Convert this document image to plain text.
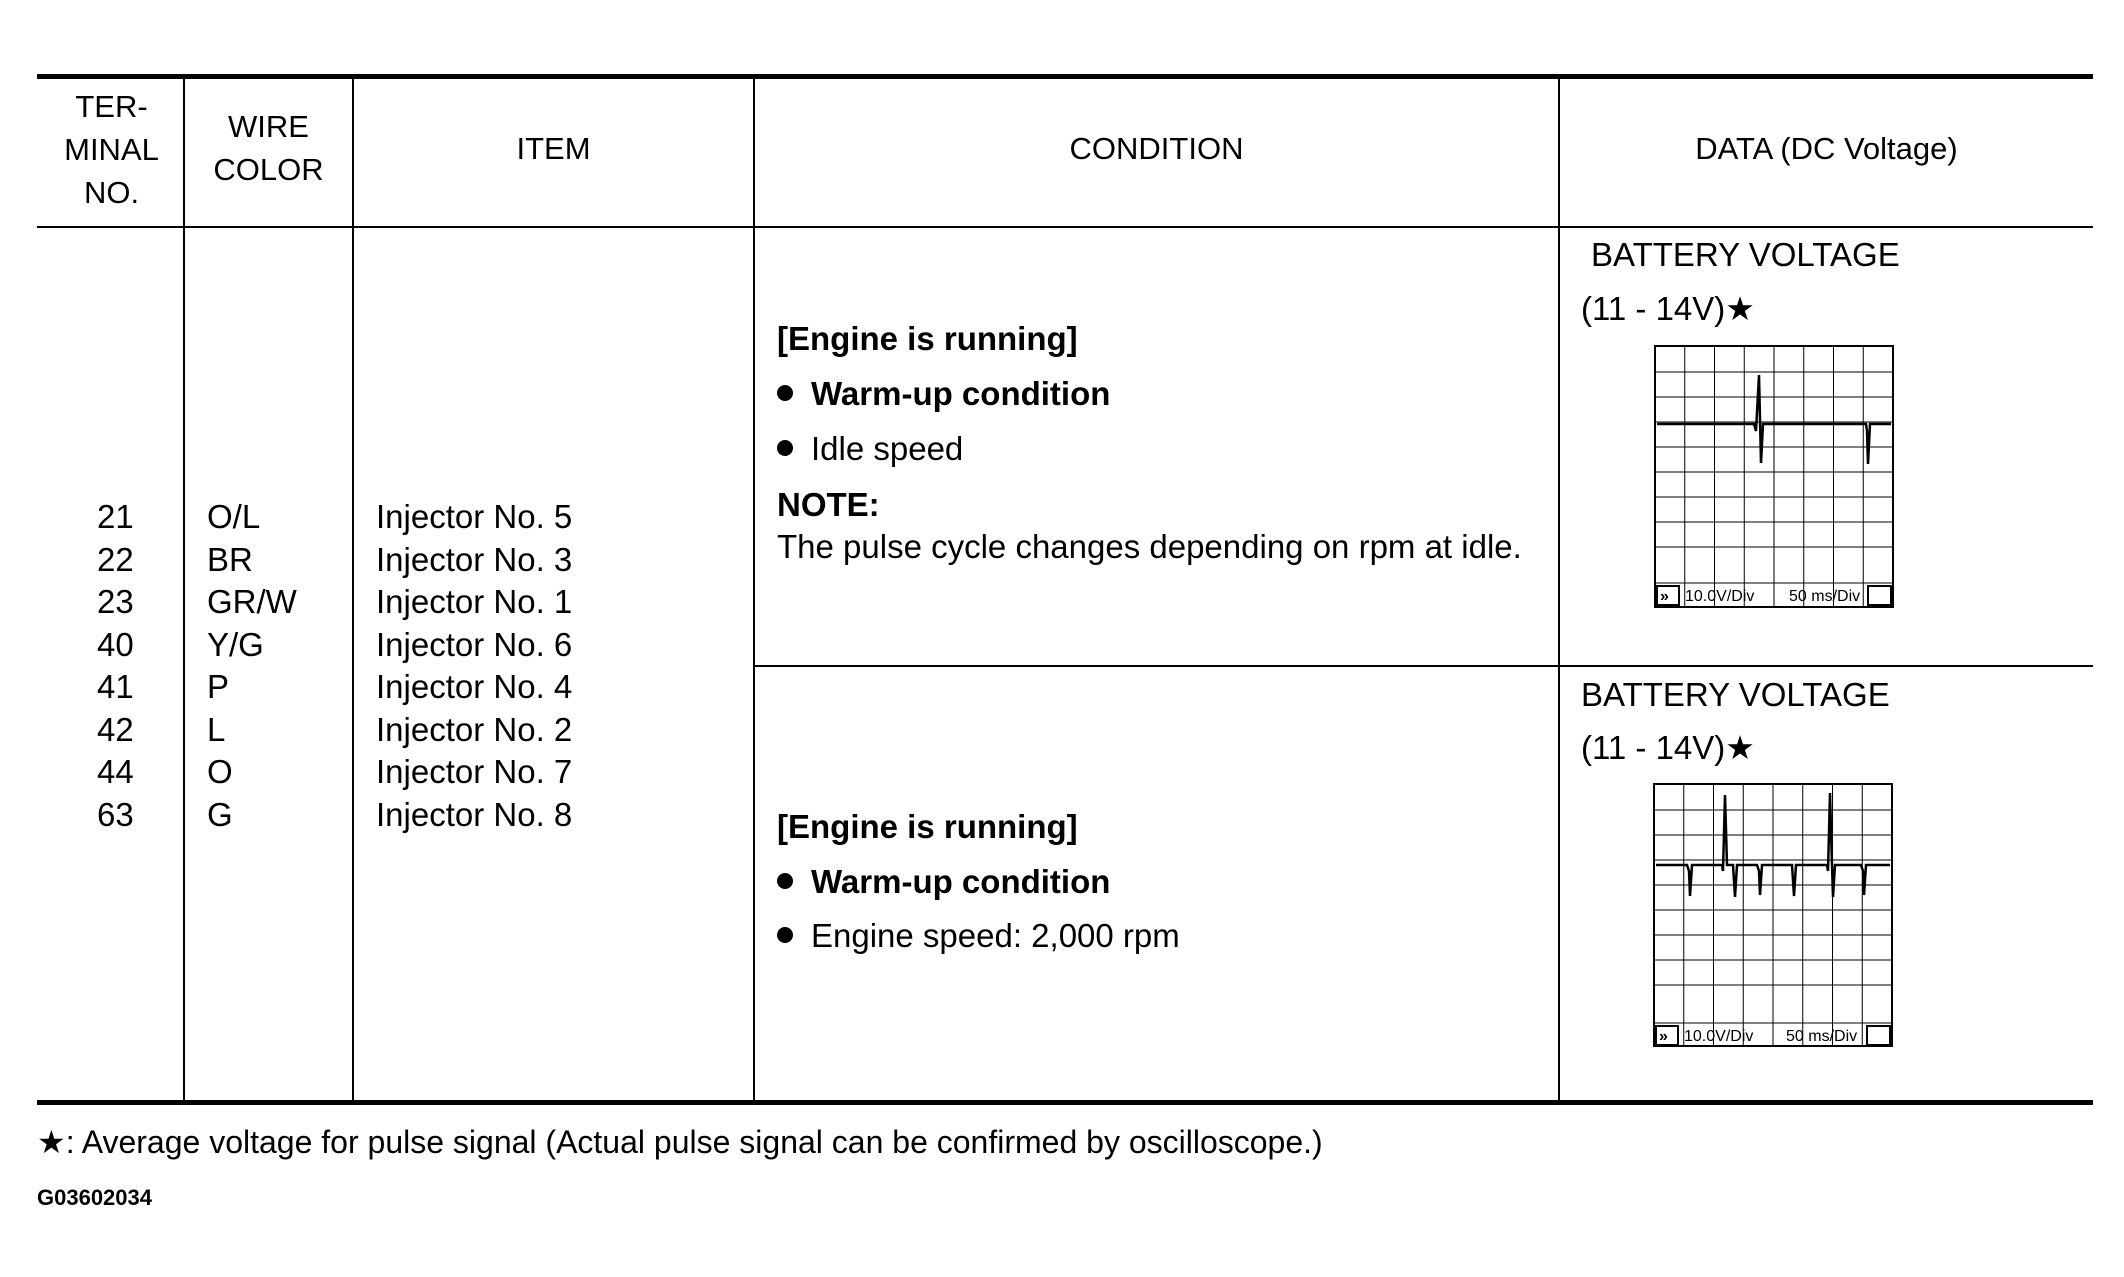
TER-
MINAL
NO.
WIRE
COLOR
ITEM	CONDITION	DATA (DC Voltage)
21
22
23
40
41
42
44
63
O/L
BR
GR/W
Y/G
P
L
O
G
Injector No. 5
Injector No. 3
Injector No. 1
Injector No. 6
Injector No. 4
Injector No. 2
Injector No. 7
Injector No. 8
[Engine is running]
Warm-up condition
Idle speed
NOTE:
The pulse cycle changes depending on rpm at idle.
[Engine is running]
Warm-up condition
Engine speed: 2,000 rpm
BATTERY VOLTAGE
(11 - 14V)★
» 10.0V/Div 50 ms/Div
BATTERY VOLTAGE
(11 - 14V)★
» 10.0V/Div 50 ms/Div
★: Average voltage for pulse signal (Actual pulse signal can be confirmed by oscilloscope.)
G03602034
